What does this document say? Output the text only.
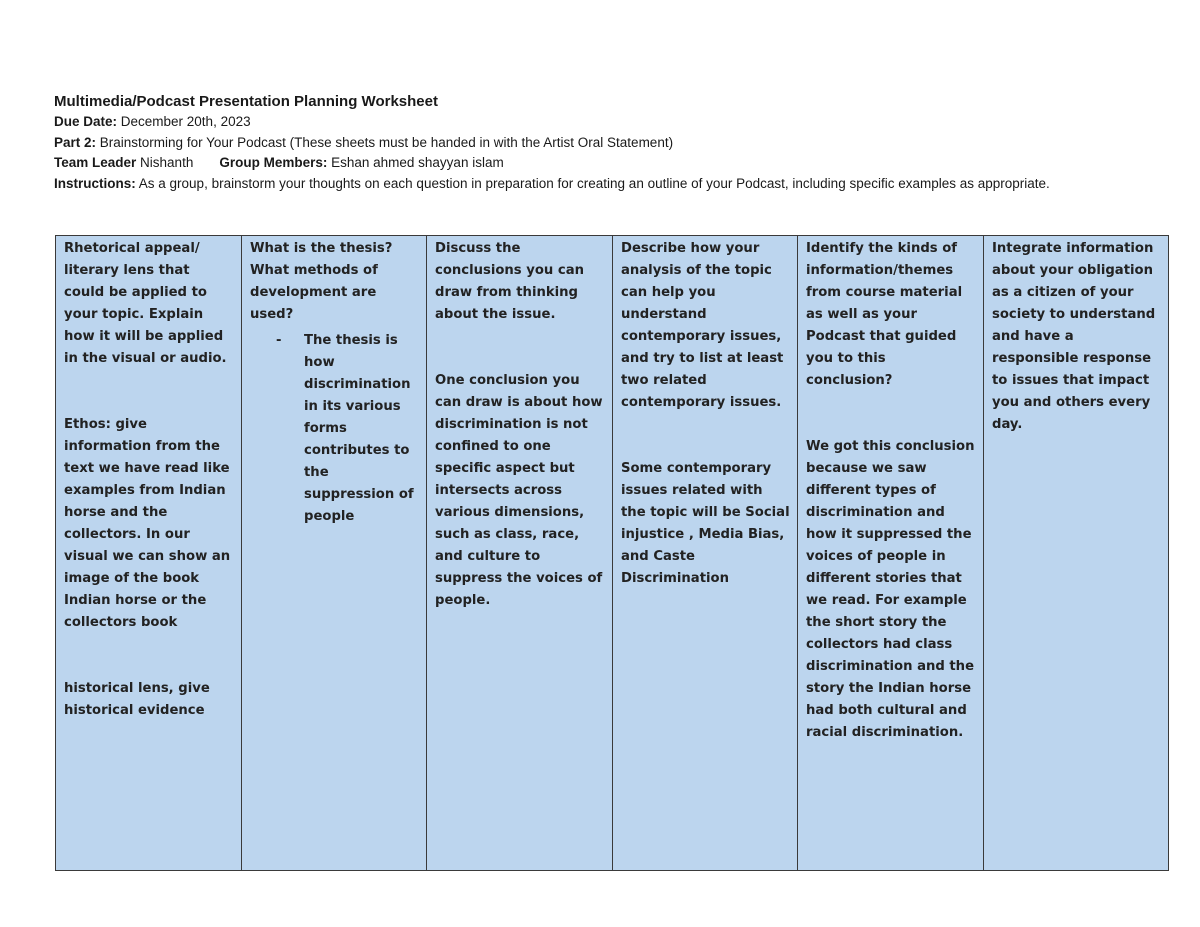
Multimedia/Podcast Presentation Planning Worksheet
Due Date: December 20th, 2023
Part 2: Brainstorming for Your Podcast (These sheets must be handed in with the Artist Oral Statement)
Team Leader Nishanth Group Members: Eshan ahmed shayyan islam
Instructions: As a group, brainstorm your thoughts on each question in preparation for creating an outline of your Podcast, including specific examples as appropriate.

Rhetorical appeal/ literary lens that could be applied to your topic. Explain how it will be applied in the visual or audio.

Ethos: give information from the text we have read like examples from Indian horse and the collectors. In our visual we can show an image of the book Indian horse or the collectors book

historical lens, give historical evidence

What is the thesis? What methods of development are used?

-	The thesis is how discrimination in its various forms contributes to the suppression of people

Discuss the conclusions you can draw from thinking about the issue.

One conclusion you can draw is about how discrimination is not confined to one specific aspect but intersects across various dimensions, such as class, race, and culture to suppress the voices of people.

Describe how your analysis of the topic can help you understand contemporary issues, and try to list at least two related contemporary issues.

Some contemporary issues related with the topic will be Social injustice , Media Bias, and Caste Discrimination

Identify the kinds of information/themes from course material as well as your Podcast that guided you to this conclusion?

We got this conclusion because we saw different types of discrimination and how it suppressed the voices of people in different stories that we read. For example the short story the collectors had class discrimination and the story the Indian horse had both cultural and racial discrimination.

Integrate information about your obligation as a citizen of your society to understand and have a responsible response to issues that impact you and others every day.
